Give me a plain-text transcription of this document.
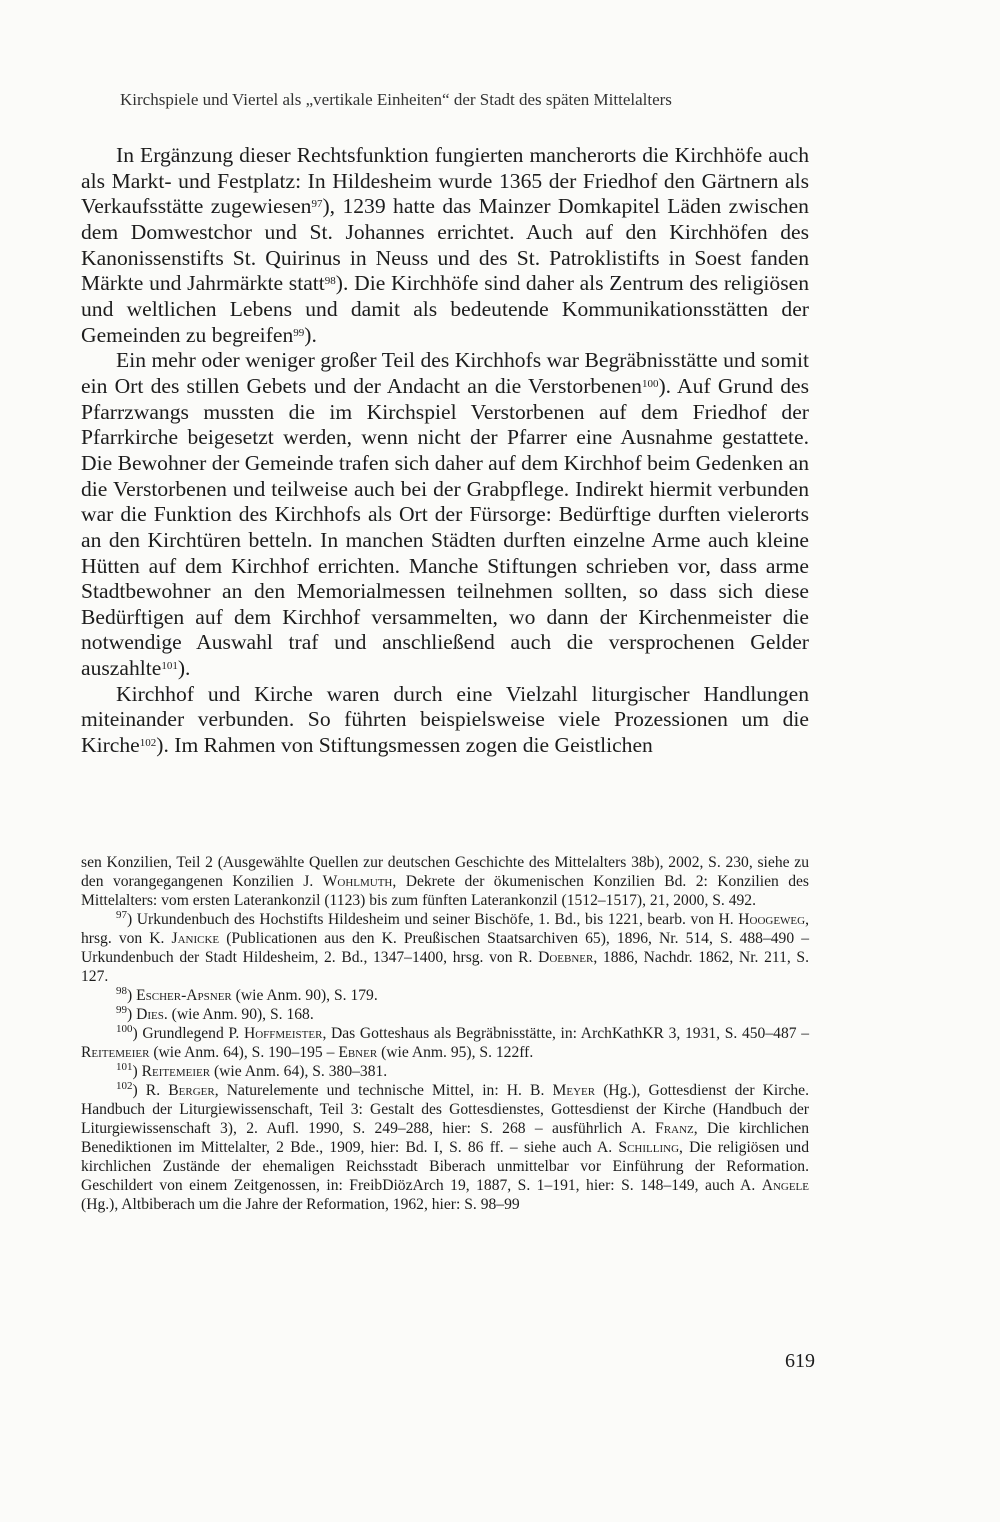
Kirchspiele und Viertel als „vertikale Einheiten“ der Stadt des späten Mittelalters

In Ergänzung dieser Rechtsfunktion fungierten mancherorts die Kirchhöfe auch als Markt- und Festplatz: In Hildesheim wurde 1365 der Friedhof den Gärtnern als Verkaufsstätte zugewiesen$^{97}$), 1239 hatte das Mainzer Domkapitel Läden zwischen dem Domwestchor und St. Johannes errichtet. Auch auf den Kirchhöfen des Kanonissenstifts St. Quirinus in Neuss und des St. Patroklistifts in Soest fanden Märkte und Jahrmärkte statt$^{98}$). Die Kirchhöfe sind daher als Zentrum des religiösen und weltlichen Lebens und damit als bedeutende Kommunikationsstätten der Gemeinden zu begreifen$^{99}$).

Ein mehr oder weniger großer Teil des Kirchhofs war Begräbnisstätte und somit ein Ort des stillen Gebets und der Andacht an die Verstorbenen$^{100}$). Auf Grund des Pfarrzwangs mussten die im Kirchspiel Verstorbenen auf dem Friedhof der Pfarrkirche beigesetzt werden, wenn nicht der Pfarrer eine Ausnahme gestattete. Die Bewohner der Gemeinde trafen sich daher auf dem Kirchhof beim Gedenken an die Verstorbenen und teilweise auch bei der Grabpflege. Indirekt hiermit verbunden war die Funktion des Kirchhofs als Ort der Fürsorge: Bedürftige durften vielerorts an den Kirchtüren betteln. In manchen Städten durften einzelne Arme auch kleine Hütten auf dem Kirchhof errichten. Manche Stiftungen schrieben vor, dass arme Stadtbewohner an den Memorialmessen teilnehmen sollten, so dass sich diese Bedürftigen auf dem Kirchhof versammelten, wo dann der Kirchenmeister die notwendige Auswahl traf und anschließend auch die versprochenen Gelder auszahlte$^{101}$).

Kirchhof und Kirche waren durch eine Vielzahl liturgischer Handlungen miteinander verbunden. So führten beispielsweise viele Prozessionen um die Kirche$^{102}$). Im Rahmen von Stiftungsmessen zogen die Geistlichen

sen Konzilien, Teil 2 (Ausgewählte Quellen zur deutschen Geschichte des Mittelalters 38b), 2002, S. 230, siehe zu den vorangegangenen Konzilien J. Wohlmuth, Dekrete der ökumenischen Konzilien Bd. 2: Konzilien des Mittelalters: vom ersten Laterankonzil (1123) bis zum fünften Laterankonzil (1512–1517), 21, 2000, S. 492.

$^{97}$) Urkundenbuch des Hochstifts Hildesheim und seiner Bischöfe, 1. Bd., bis 1221, bearb. von H. Hoogeweg, hrsg. von K. Janicke (Publicationen aus den K. Preußischen Staatsarchiven 65), 1896, Nr. 514, S. 488–490 – Urkundenbuch der Stadt Hildesheim, 2. Bd., 1347–1400, hrsg. von R. Doebner, 1886, Nachdr. 1862, Nr. 211, S. 127.

$^{98}$) Escher-Apsner (wie Anm. 90), S. 179.

$^{99}$) Dies. (wie Anm. 90), S. 168.

$^{100}$) Grundlegend P. Hoffmeister, Das Gotteshaus als Begräbnisstätte, in: ArchKathKR 3, 1931, S. 450–487 – Reitemeier (wie Anm. 64), S. 190–195 – Ebner (wie Anm. 95), S. 122ff.

$^{101}$) Reitemeier (wie Anm. 64), S. 380–381.

$^{102}$) R. Berger, Naturelemente und technische Mittel, in: H. B. Meyer (Hg.), Gottesdienst der Kirche. Handbuch der Liturgiewissenschaft, Teil 3: Gestalt des Gottesdienstes, Gottesdienst der Kirche (Handbuch der Liturgiewissenschaft 3), 2. Aufl. 1990, S. 249–288, hier: S. 268 – ausführlich A. Franz, Die kirchlichen Benediktionen im Mittelalter, 2 Bde., 1909, hier: Bd. I, S. 86 ff. – siehe auch A. Schilling, Die religiösen und kirchlichen Zustände der ehemaligen Reichsstadt Biberach unmittelbar vor Einführung der Reformation. Geschildert von einem Zeitgenossen, in: FreibDiözArch 19, 1887, S. 1–191, hier: S. 148–149, auch A. Angele (Hg.), Altbiberach um die Jahre der Reformation, 1962, hier: S. 98–99

619
